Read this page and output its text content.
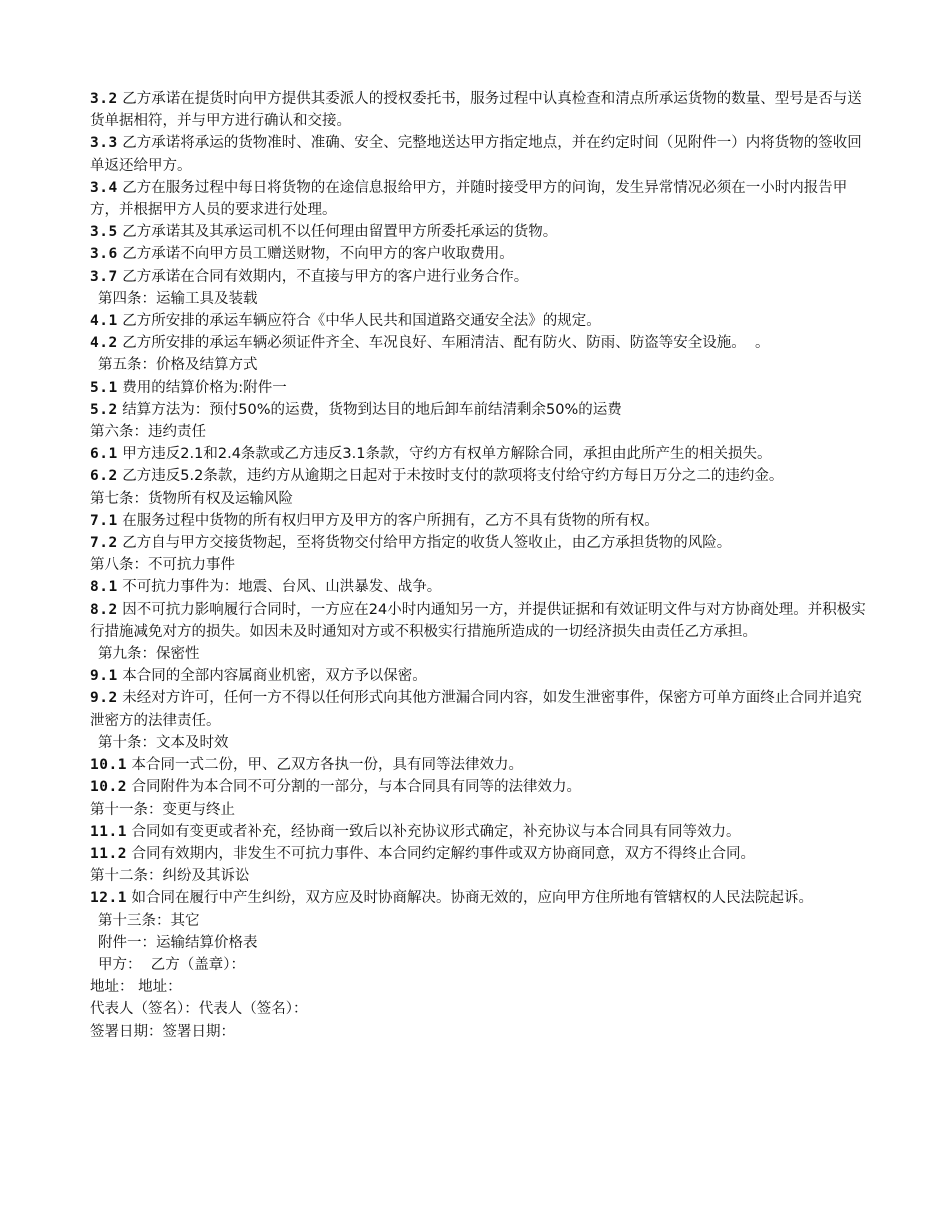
3.2 乙方承诺在提货时向甲方提供其委派人的授权委托书，服务过程中认真检查和清点所承运货物的数量、型号是否与送货单据相符，并与甲方进行确认和交接。
3.3 乙方承诺将承运的货物准时、准确、安全、完整地送达甲方指定地点，并在约定时间（见附件一）内将货物的签收回单返还给甲方。
3.4 乙方在服务过程中每日将货物的在途信息报给甲方，并随时接受甲方的问询，发生异常情况必须在一小时内报告甲方，并根据甲方人员的要求进行处理。
3.5 乙方承诺其及其承运司机不以任何理由留置甲方所委托承运的货物。
3.6 乙方承诺不向甲方员工赠送财物，不向甲方的客户收取费用。
3.7 乙方承诺在合同有效期内，不直接与甲方的客户进行业务合作。
第四条：运输工具及装载
4.1 乙方所安排的承运车辆应符合《中华人民共和国道路交通安全法》的规定。
4.2 乙方所安排的承运车辆必须证件齐全、车况良好、车厢清洁、配有防火、防雨、防盗等安全设施。  。
第五条：价格及结算方式
5.1 费用的结算价格为:附件一
5.2 结算方法为：预付50%的运费，货物到达目的地后卸车前结清剩余50%的运费
第六条：违约责任
6.1 甲方违反2.1和2.4条款或乙方违反3.1条款，守约方有权单方解除合同，承担由此所产生的相关损失。
6.2 乙方违反5.2条款，违约方从逾期之日起对于未按时支付的款项将支付给守约方每日万分之二的违约金。
第七条：货物所有权及运输风险
7.1 在服务过程中货物的所有权归甲方及甲方的客户所拥有，乙方不具有货物的所有权。
7.2 乙方自与甲方交接货物起，至将货物交付给甲方指定的收货人签收止，由乙方承担货物的风险。
第八条：不可抗力事件
8.1 不可抗力事件为：地震、台风、山洪暴发、战争。
8.2 因不可抗力影响履行合同时，一方应在24小时内通知另一方，并提供证据和有效证明文件与对方协商处理。并积极实行措施减免对方的损失。如因未及时通知对方或不积极实行措施所造成的一切经济损失由责任乙方承担。
第九条：保密性
9.1 本合同的全部内容属商业机密，双方予以保密。
9.2 未经对方许可，任何一方不得以任何形式向其他方泄漏合同内容，如发生泄密事件，保密方可单方面终止合同并追究泄密方的法律责任。
第十条：文本及时效
10.1 本合同一式二份，甲、乙双方各执一份，具有同等法律效力。
10.2 合同附件为本合同不可分割的一部分，与本合同具有同等的法律效力。
第十一条：变更与终止
11.1 合同如有变更或者补充，经协商一致后以补充协议形式确定，补充协议与本合同具有同等效力。
11.2 合同有效期内，非发生不可抗力事件、本合同约定解约事件或双方协商同意，双方不得终止合同。
第十二条：纠纷及其诉讼
12.1 如合同在履行中产生纠纷，双方应及时协商解决。协商无效的，应向甲方住所地有管辖权的人民法院起诉。
第十三条：其它
附件一：运输结算价格表
甲方：  乙方（盖章）：
地址： 地址：
代表人（签名）：代表人（签名）：
签署日期：签署日期：
